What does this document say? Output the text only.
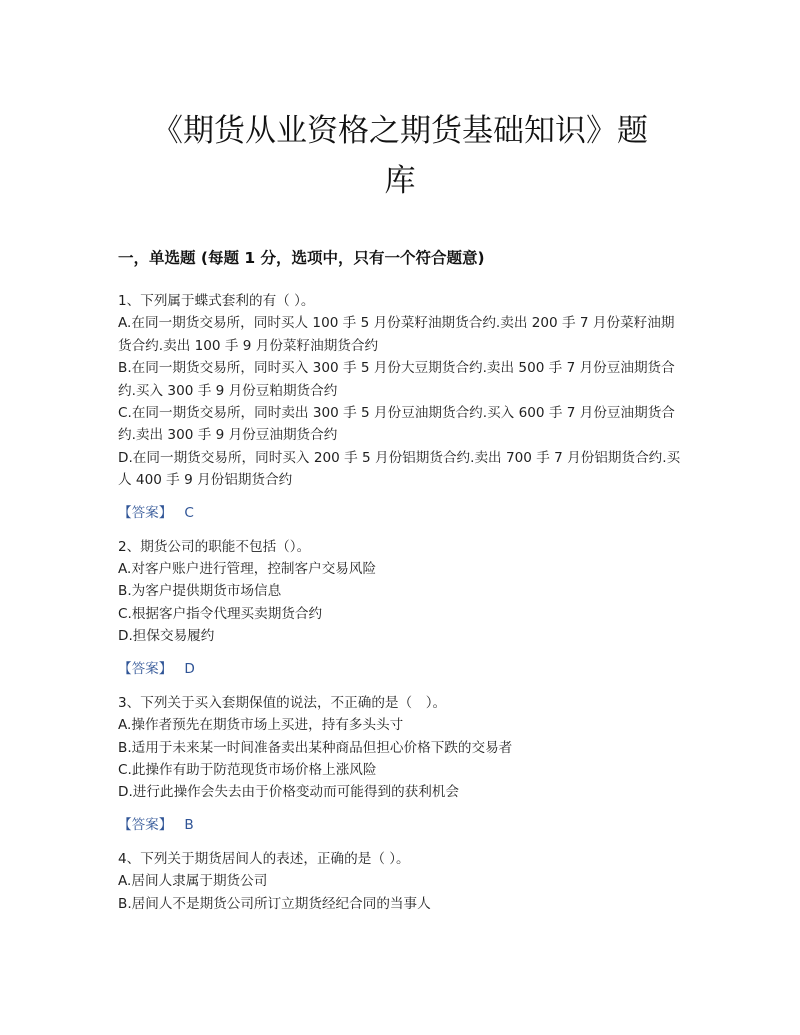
《期货从业资格之期货基础知识》题
库
一，单选题 (每题 1 分，选项中，只有一个符合题意)

1、下列属于蝶式套利的有（ ）。

A.在同一期货交易所，同时买人 100 手 5 月份菜籽油期货合约.卖出 200 手 7 月份菜籽油期货合约.卖出 100 手 9 月份菜籽油期货合约

B.在同一期货交易所，同时买入 300 手 5 月份大豆期货合约.卖出 500 手 7 月份豆油期货合约.买入 300 手 9 月份豆粕期货合约

C.在同一期货交易所，同时卖出 300 手 5 月份豆油期货合约.买入 600 手 7 月份豆油期货合约.卖出 300 手 9 月份豆油期货合约

D.在同一期货交易所，同时买入 200 手 5 月份铝期货合约.卖出 700 手 7 月份铝期货合约.买人 400 手 9 月份铝期货合约

【答案】 C

2、期货公司的职能不包括（）。

A.对客户账户进行管理，控制客户交易风险

B.为客户提供期货市场信息

C.根据客户指令代理买卖期货合约

D.担保交易履约

【答案】 D

3、下列关于买入套期保值的说法，不正确的是（　）。

A.操作者预先在期货市场上买进，持有多头头寸

B.适用于未来某一时间准备卖出某种商品但担心价格下跌的交易者

C.此操作有助于防范现货市场价格上涨风险

D.进行此操作会失去由于价格变动而可能得到的获利机会

【答案】 B

4、下列关于期货居间人的表述，正确的是（ ）。

A.居间人隶属于期货公司

B.居间人不是期货公司所订立期货经纪合同的当事人
